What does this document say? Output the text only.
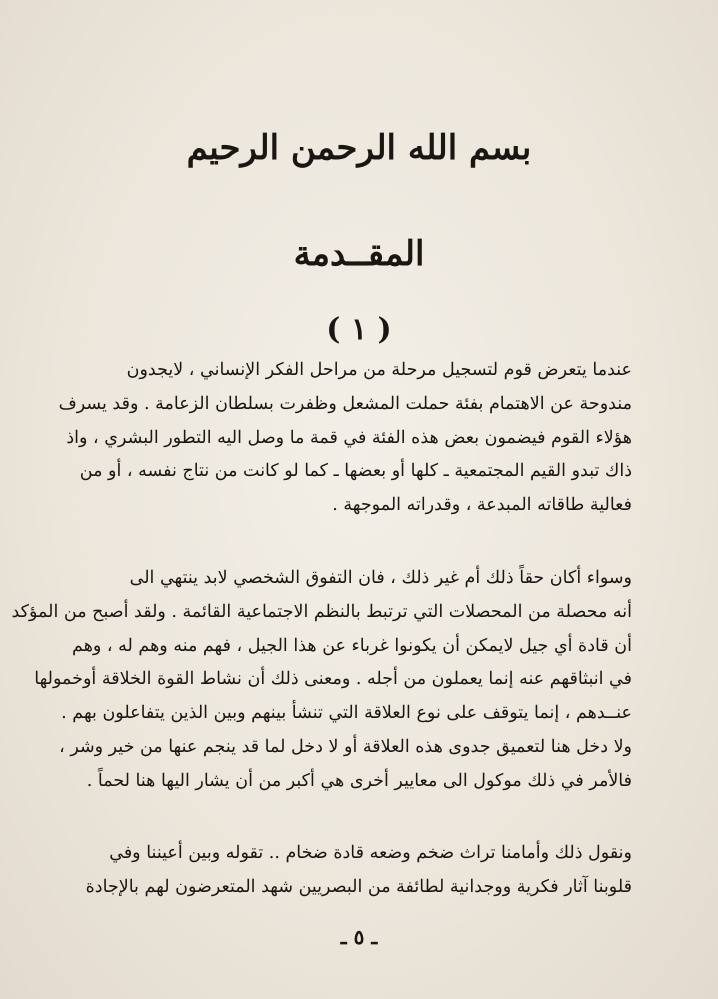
بسم الله الرحمن الرحيم
المقــدمة
( ١ )
عندما يتعرض قوم لتسجيل مرحلة من مراحل الفكر الإنساني ، لايجدون
مندوحة عن الاهتمام بفئة حملت المشعل وظفرت بسلطان الزعامة . وقد يسرف
هؤلاء القوم فيضمون بعض هذه الفئة في قمة ما وصل اليه التطور البشري ، واذ
ذاك تبدو القيم المجتمعية ـ كلها أو بعضها ـ كما لو كانت من نتاج نفسه ، أو من
فعالية طاقاته المبدعة ، وقدراته الموجهة .
وسواء أكان حقاً ذلك أم غير ذلك ، فان التفوق الشخصي لابد ينتهي الى
أنه محصلة من المحصلات التي ترتبط بالنظم الاجتماعية القائمة . ولقد أصبح من المؤكد
أن قادة أي جيل لايمكن أن يكونوا غرباء عن هذا الجيل ، فهم منه وهم له ، وهم
في انبثاقهم عنه إنما يعملون من أجله . ومعنى ذلك أن نشاط القوة الخلاقة أوخمولها
عنــدهم ، إنما يتوقف على نوع العلاقة التي تنشأ بينهم وبين الذين يتفاعلون بهم .
ولا دخل هنا لتعميق جدوى هذه العلاقة أو لا دخل لما قد ينجم عنها من خير وشر ،
فالأمر في ذلك موكول الى معايير أخرى هي أكبر من أن يشار اليها هنا لحماً .
ونقول ذلك وأمامنا تراث ضخم وضعه قادة ضخام .. تقوله وبين أعيننا وفي
قلوبنا آثار فكرية ووجدانية لطائفة من البصريين شهد المتعرضون لهم بالإجادة
ـ ٥ ـ
